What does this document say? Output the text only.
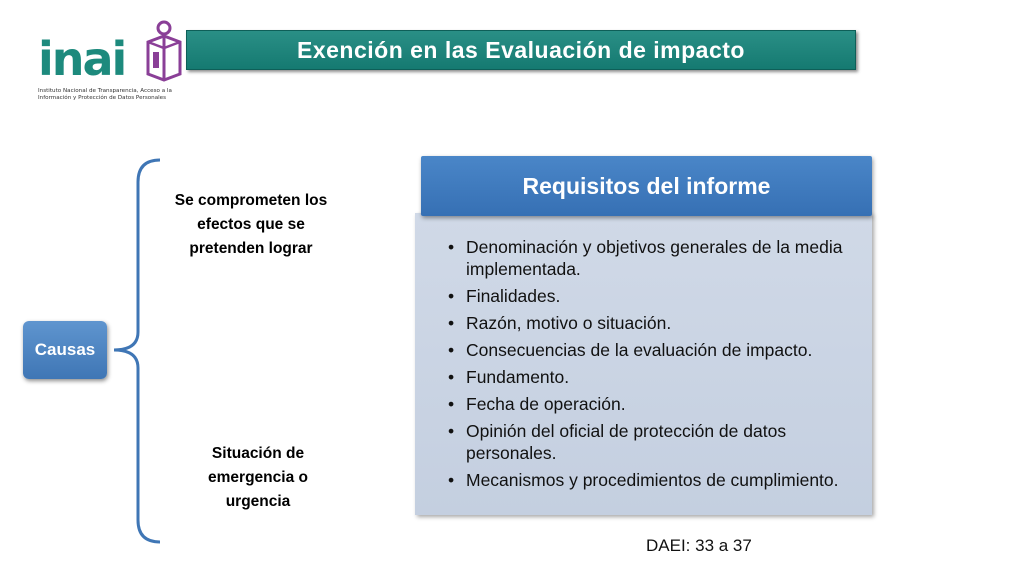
inai
Instituto Nacional de Transparencia, Acceso a la Información y Protección de Datos Personales
Exención en las Evaluación de impacto
Causas
Se comprometen los efectos que se pretenden lograr
Situación de emergencia o urgencia
Requisitos del informe
• Denominación y objetivos generales de la media implementada.
• Finalidades.
• Razón, motivo o situación.
• Consecuencias de la evaluación de impacto.
• Fundamento.
• Fecha de operación.
• Opinión del oficial de protección de datos personales.
• Mecanismos y procedimientos de cumplimiento.
DAEI: 33 a 37
